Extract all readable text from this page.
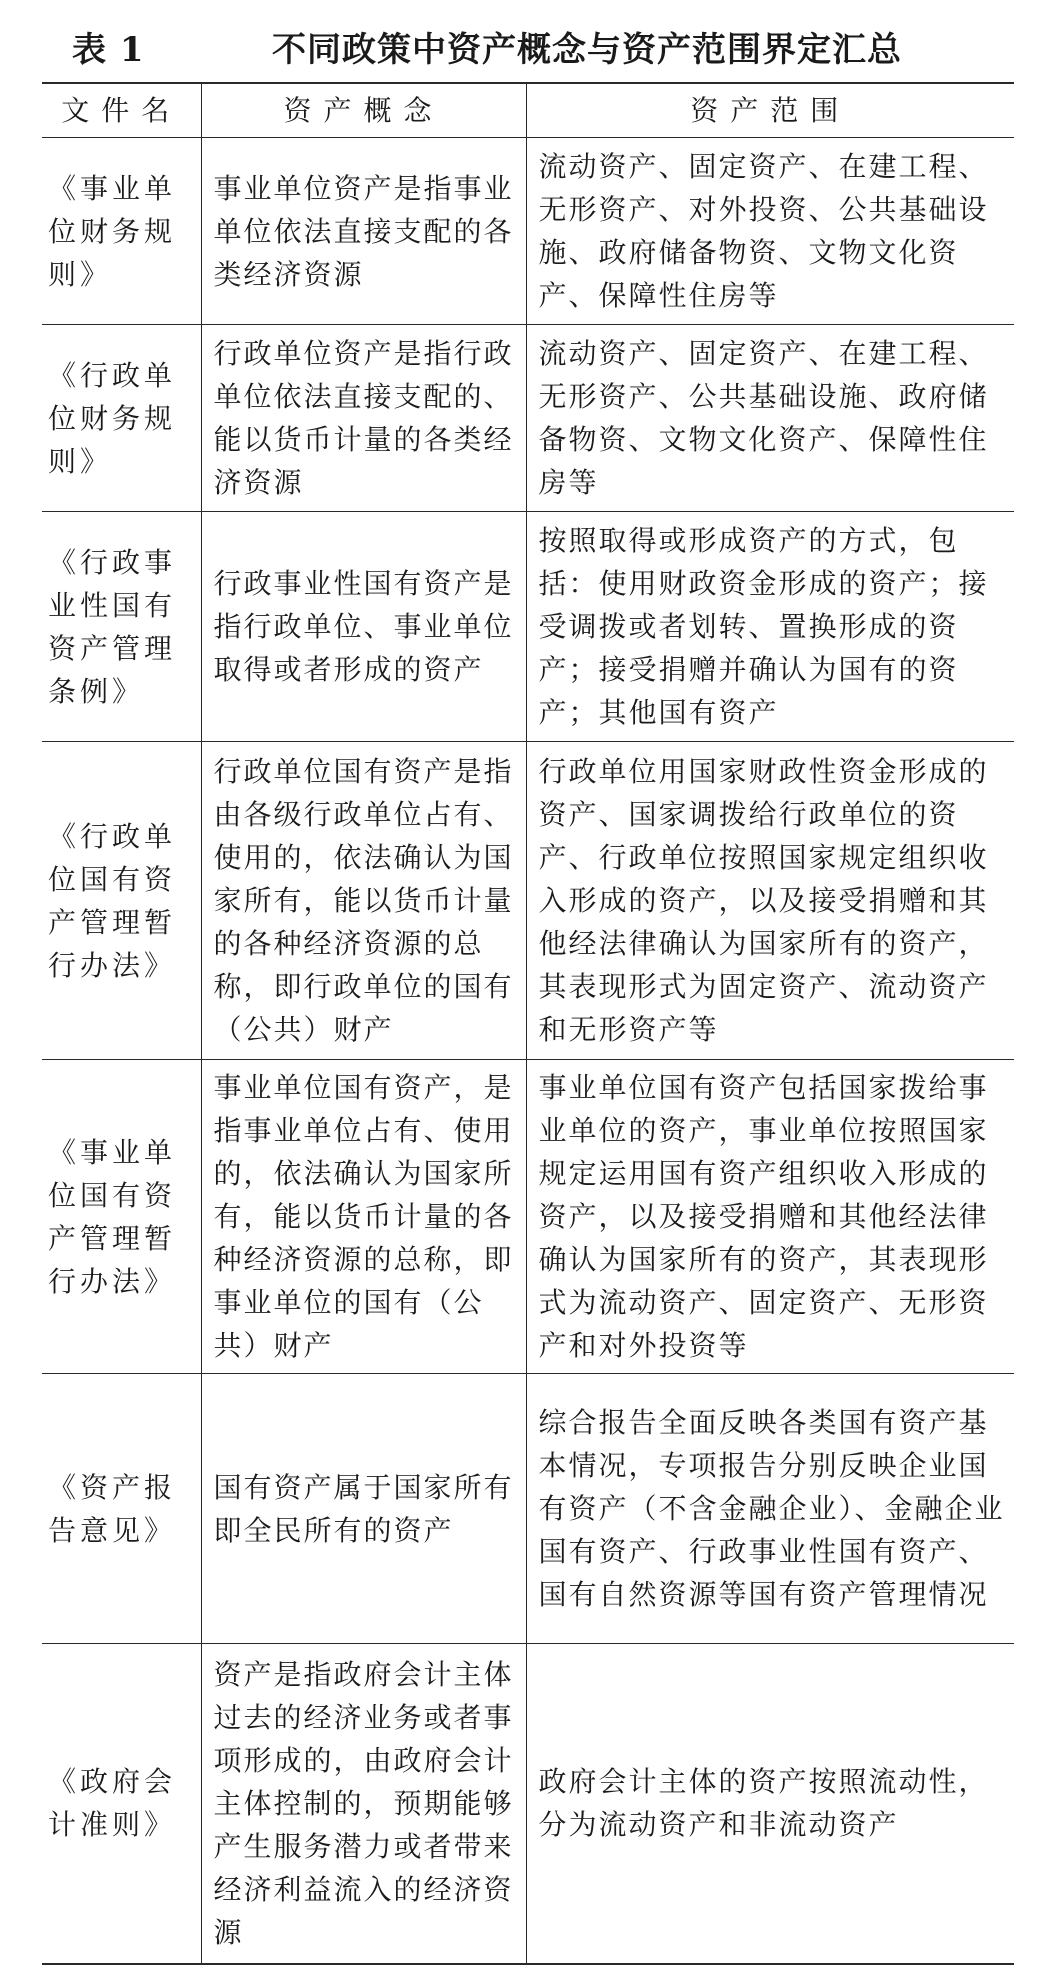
表 1	不同政策中资产概念与资产范围界定汇总
文件名	资产概念	资产范围
《事业单位财务规则》	事业单位资产是指事业单位依法直接支配的各类经济资源	流动资产、固定资产、在建工程、无形资产、对外投资、公共基础设施、政府储备物资、文物文化资产、保障性住房等
《行政单位财务规则》	行政单位资产是指行政单位依法直接支配的、能以货币计量的各类经济资源	流动资产、固定资产、在建工程、无形资产、公共基础设施、政府储备物资、文物文化资产、保障性住房等
《行政事业性国有资产管理条例》	行政事业性国有资产是指行政单位、事业单位取得或者形成的资产	按照取得或形成资产的方式，包括：使用财政资金形成的资产；接受调拨或者划转、置换形成的资产；接受捐赠并确认为国有的资产；其他国有资产
《行政单位国有资产管理暂行办法》	行政单位国有资产是指由各级行政单位占有、使用的，依法确认为国家所有，能以货币计量的各种经济资源的总称，即行政单位的国有（公共）财产	行政单位用国家财政性资金形成的资产、国家调拨给行政单位的资产、行政单位按照国家规定组织收入形成的资产，以及接受捐赠和其他经法律确认为国家所有的资产，其表现形式为固定资产、流动资产和无形资产等
《事业单位国有资产管理暂行办法》	事业单位国有资产，是指事业单位占有、使用的，依法确认为国家所有，能以货币计量的各种经济资源的总称，即事业单位的国有（公共）财产	事业单位国有资产包括国家拨给事业单位的资产，事业单位按照国家规定运用国有资产组织收入形成的资产，以及接受捐赠和其他经法律确认为国家所有的资产，其表现形式为流动资产、固定资产、无形资产和对外投资等
《资产报告意见》	国有资产属于国家所有即全民所有的资产	综合报告全面反映各类国有资产基本情况，专项报告分别反映企业国有资产（不含金融企业）、金融企业国有资产、行政事业性国有资产、国有自然资源等国有资产管理情况
《政府会计准则》	资产是指政府会计主体过去的经济业务或者事项形成的，由政府会计主体控制的，预期能够产生服务潜力或者带来经济利益流入的经济资源	政府会计主体的资产按照流动性，分为流动资产和非流动资产
